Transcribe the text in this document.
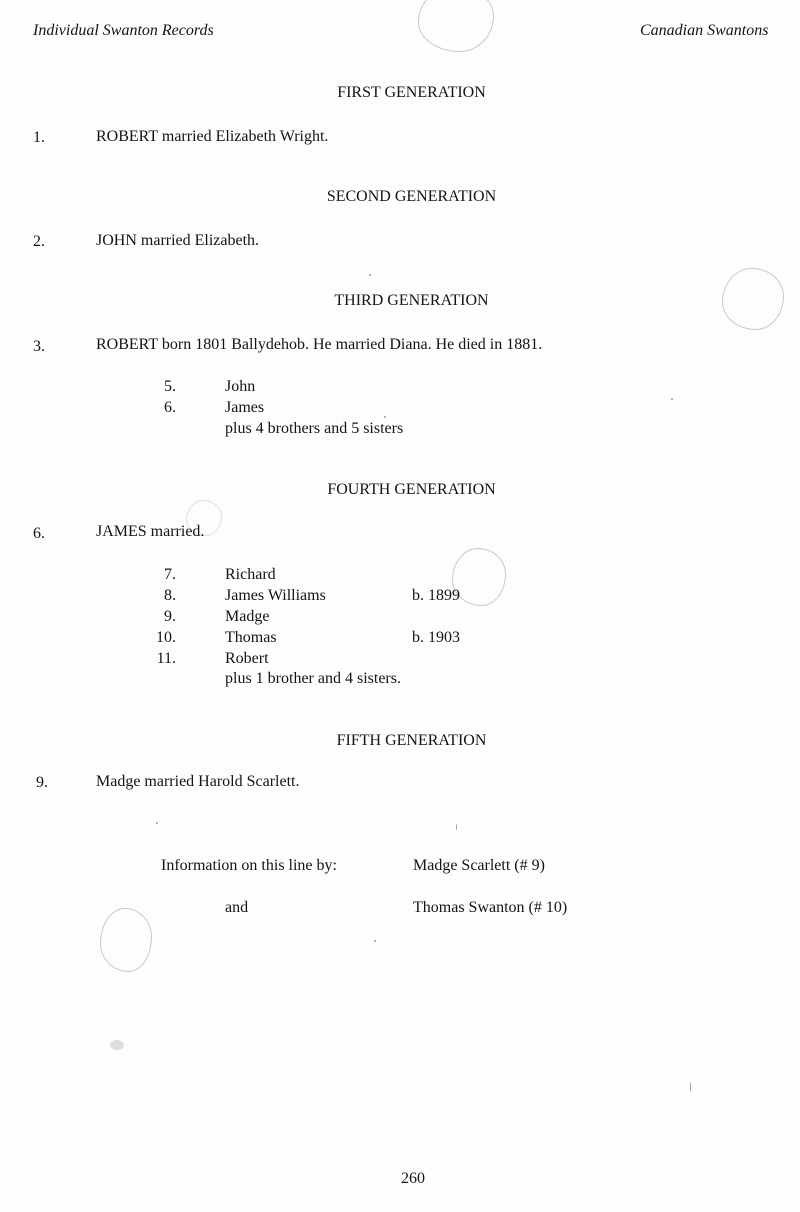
Individual Swanton Records	Canadian Swantons
FIRST GENERATION
1.	ROBERT married Elizabeth Wright.
SECOND GENERATION
2.	JOHN married Elizabeth.
THIRD GENERATION
3.	ROBERT born 1801 Ballydehob. He married Diana. He died in 1881.
5.	John
6.	James
plus 4 brothers and 5 sisters
FOURTH GENERATION
6.	JAMES married.
7.	Richard
8.	James Williams	b. 1899
9.	Madge
10.	Thomas	b. 1903
11.	Robert
plus 1 brother and 4 sisters.
FIFTH GENERATION
9.	Madge married Harold Scarlett.
Information on this line by:	Madge Scarlett (# 9)
and	Thomas Swanton (# 10)
260
